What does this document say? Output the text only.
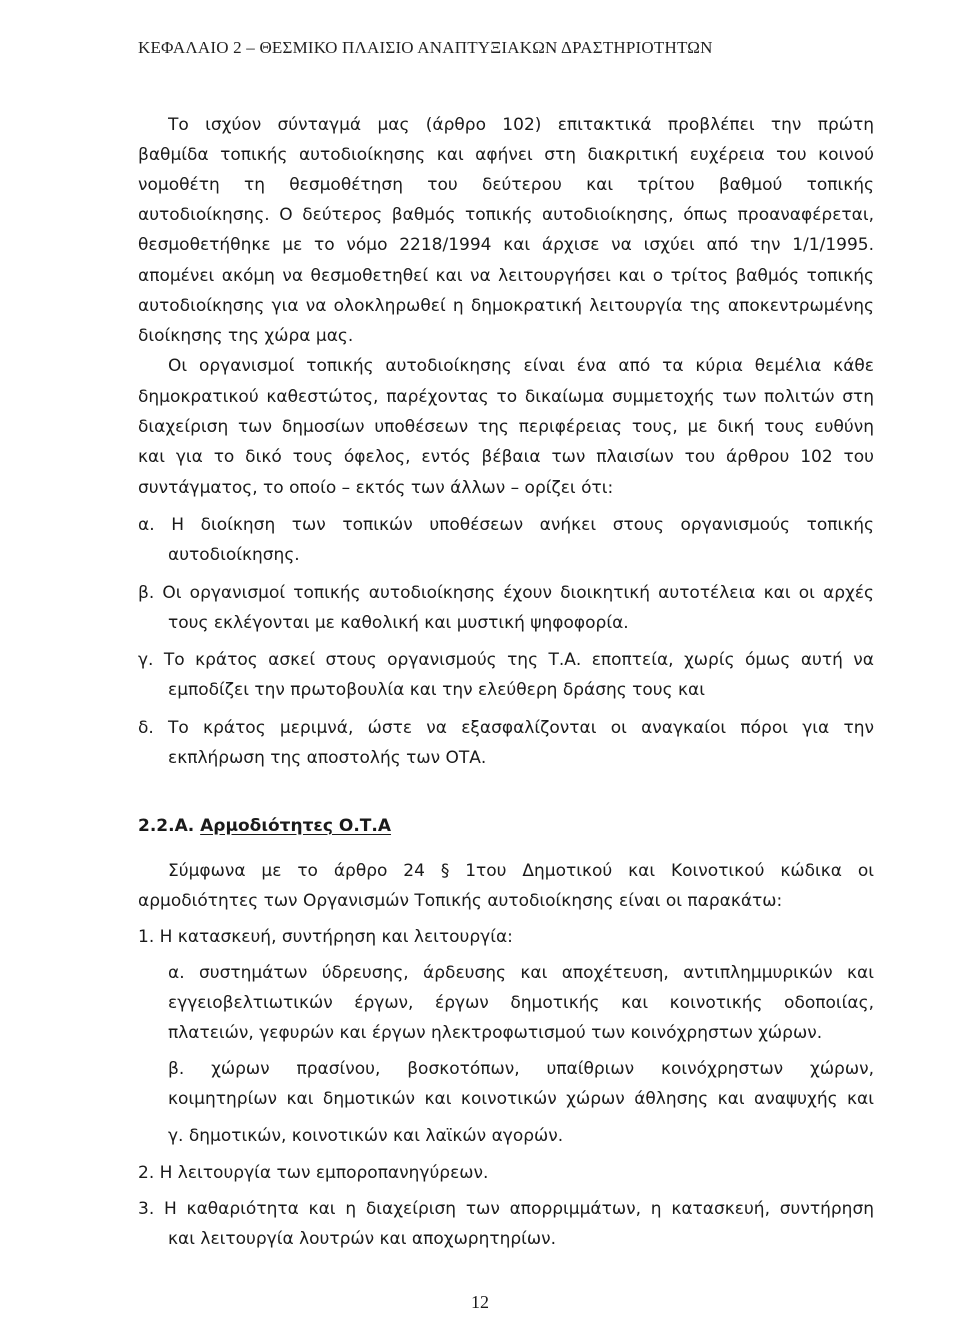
ΚΕΦΑΛΑΙΟ 2 – ΘΕΣΜΙΚΟ ΠΛΑΙΣΙΟ ΑΝΑΠΤΥΞΙΑΚΩΝ ΔΡΑΣΤΗΡΙΟΤΗΤΩΝ
Το ισχύον σύνταγμά μας (άρθρο 102) επιτακτικά προβλέπει την πρώτη
βαθμίδα τοπικής αυτοδιοίκησης και αφήνει στη διακριτική ευχέρεια του κοινού
νομοθέτη τη θεσμοθέτηση του δεύτερου και τρίτου βαθμού τοπικής
αυτοδιοίκησης. Ο δεύτερος βαθμός τοπικής αυτοδιοίκησης, όπως προαναφέρεται,
θεσμοθετήθηκε με το νόμο 2218/1994 και άρχισε να ισχύει από την 1/1/1995.
απομένει ακόμη να θεσμοθετηθεί και να λειτουργήσει και ο τρίτος βαθμός τοπικής
αυτοδιοίκησης για να ολοκληρωθεί η δημοκρατική λειτουργία της αποκεντρωμένης
διοίκησης της χώρα μας.
Οι οργανισμοί τοπικής αυτοδιοίκησης είναι ένα από τα κύρια θεμέλια κάθε
δημοκρατικού καθεστώτος, παρέχοντας το δικαίωμα συμμετοχής των πολιτών στη
διαχείριση των δημοσίων υποθέσεων της περιφέρειας τους, με δική τους ευθύνη
και για το δικό τους όφελος, εντός βέβαια των πλαισίων του άρθρου 102 του
συντάγματος, το οποίο – εκτός των άλλων – ορίζει ότι:
α. Η διοίκηση των τοπικών υποθέσεων ανήκει στους οργανισμούς τοπικής
αυτοδιοίκησης.
β. Οι οργανισμοί τοπικής αυτοδιοίκησης έχουν διοικητική αυτοτέλεια και οι αρχές
τους εκλέγονται με καθολική και μυστική ψηφοφορία.
γ. Το κράτος ασκεί στους οργανισμούς της Τ.Α. εποπτεία, χωρίς όμως αυτή να
εμποδίζει την πρωτοβουλία και την ελεύθερη δράσης τους και
δ. Το κράτος μεριμνά, ώστε να εξασφαλίζονται οι αναγκαίοι πόροι για την
εκπλήρωση της αποστολής των ΟΤΑ.
2.2.Α. Αρμοδιότητες Ο.Τ.Α
Σύμφωνα με το άρθρο 24 § 1του Δημοτικού και Κοινοτικού κώδικα οι
αρμοδιότητες των Οργανισμών Τοπικής αυτοδιοίκησης είναι οι παρακάτω:
1. Η κατασκευή, συντήρηση και λειτουργία:
α. συστημάτων ύδρευσης, άρδευσης και αποχέτευση, αντιπλημμυρικών και
εγγειοβελτιωτικών έργων, έργων δημοτικής και κοινοτικής οδοποιίας,
πλατειών, γεφυρών και έργων ηλεκτροφωτισμού των κοινόχρηστων χώρων.
β. χώρων πρασίνου, βοσκοτόπων, υπαίθριων κοινόχρηστων χώρων,
κοιμητηρίων και δημοτικών και κοινοτικών χώρων άθλησης και αναψυχής και
γ. δημοτικών, κοινοτικών και λαϊκών αγορών.
2. Η λειτουργία των εμποροπανηγύρεων.
3. Η καθαριότητα και η διαχείριση των απορριμμάτων, η κατασκευή, συντήρηση
και λειτουργία λουτρών και αποχωρητηρίων.
12
